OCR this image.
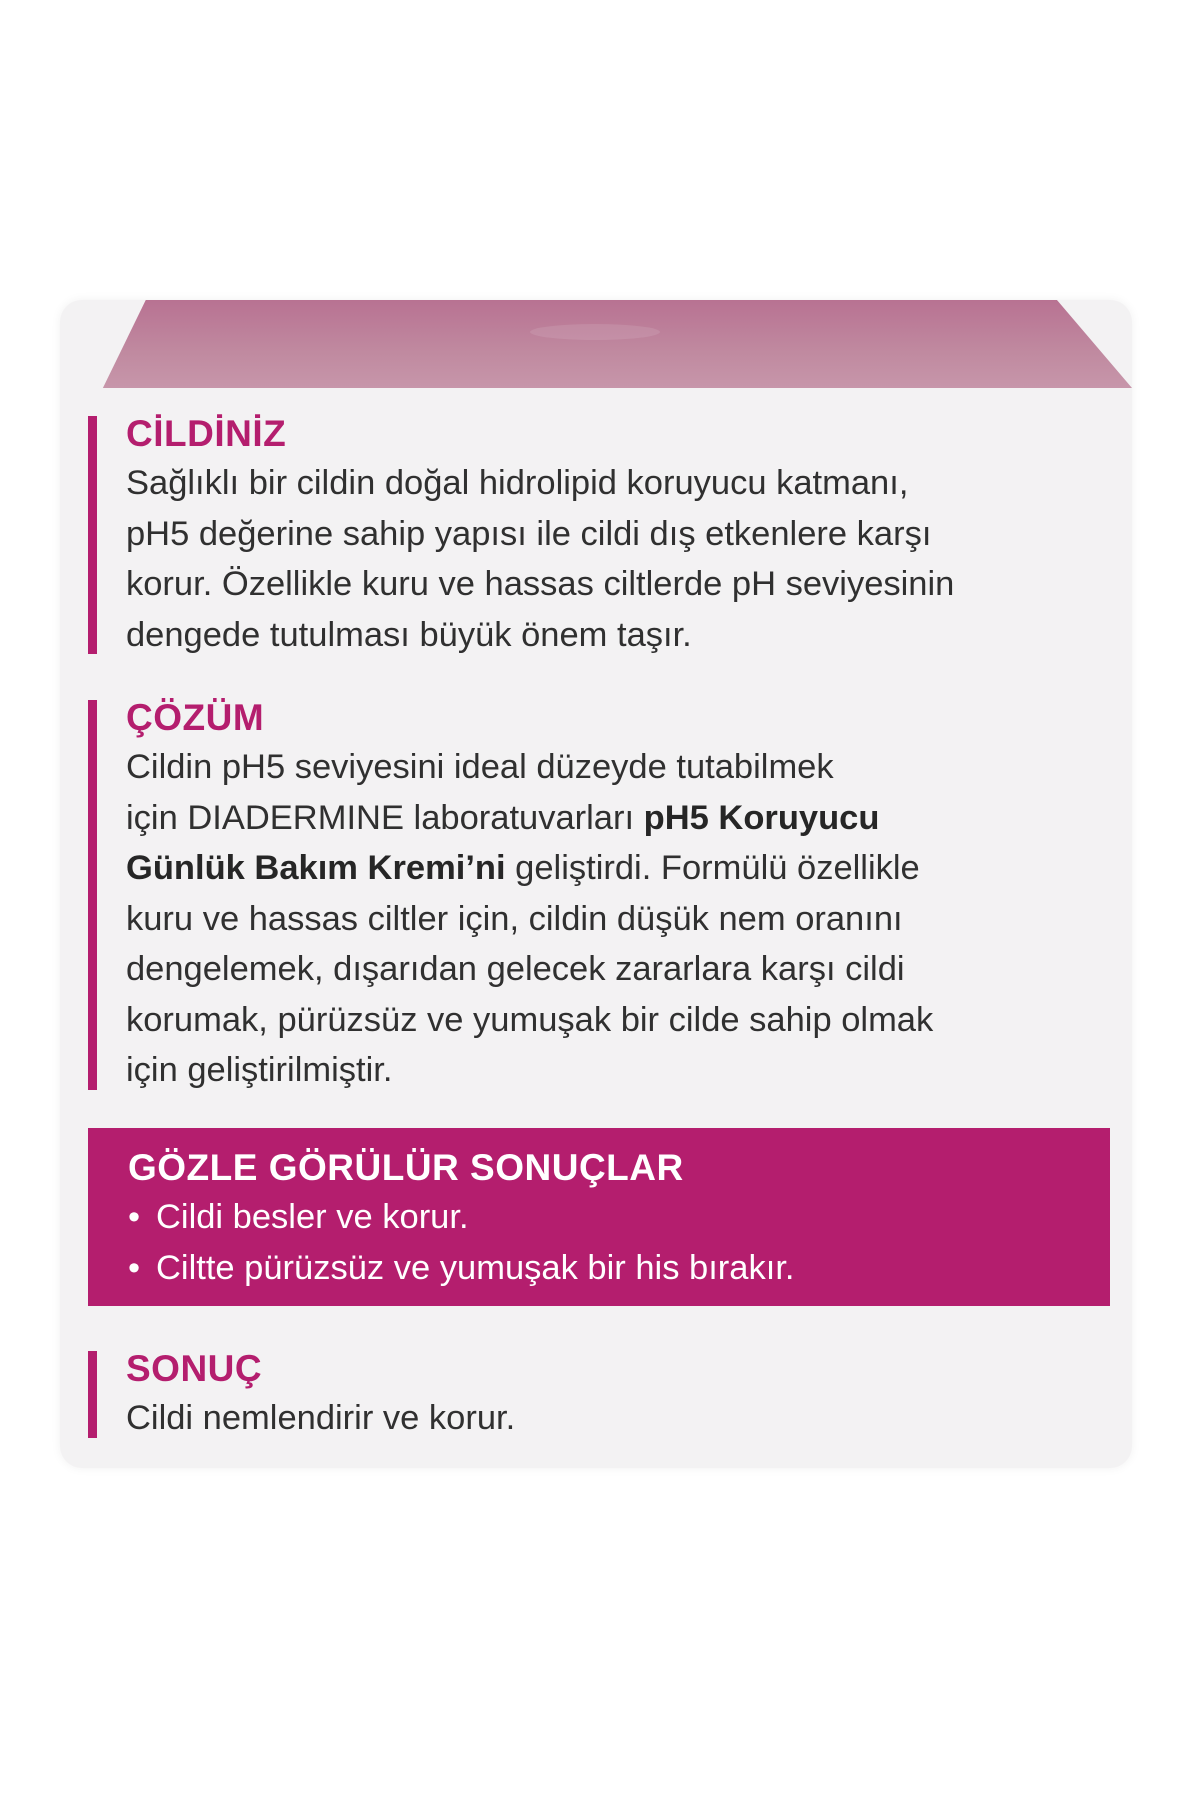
CİLDİNİZ

Sağlıklı bir cildin doğal hidrolipid koruyucu katmanı,
pH5 değerine sahip yapısı ile cildi dış etkenlere karşı
korur. Özellikle kuru ve hassas ciltlerde pH seviyesinin
dengede tutulması büyük önem taşır.

ÇÖZÜM

Cildin pH5 seviyesini ideal düzeyde tutabilmek
için DIADERMINE laboratuvarları pH5 Koruyucu
Günlük Bakım Kremi’ni geliştirdi. Formülü özellikle
kuru ve hassas ciltler için, cildin düşük nem oranını
dengelemek, dışarıdan gelecek zararlara karşı cildi
korumak, pürüzsüz ve yumuşak bir cilde sahip olmak
için geliştirilmiştir.

GÖZLE GÖRÜLÜR SONUÇLAR
• Cildi besler ve korur.
• Ciltte pürüzsüz ve yumuşak bir his bırakır.
SONUÇ

Cildi nemlendirir ve korur.
